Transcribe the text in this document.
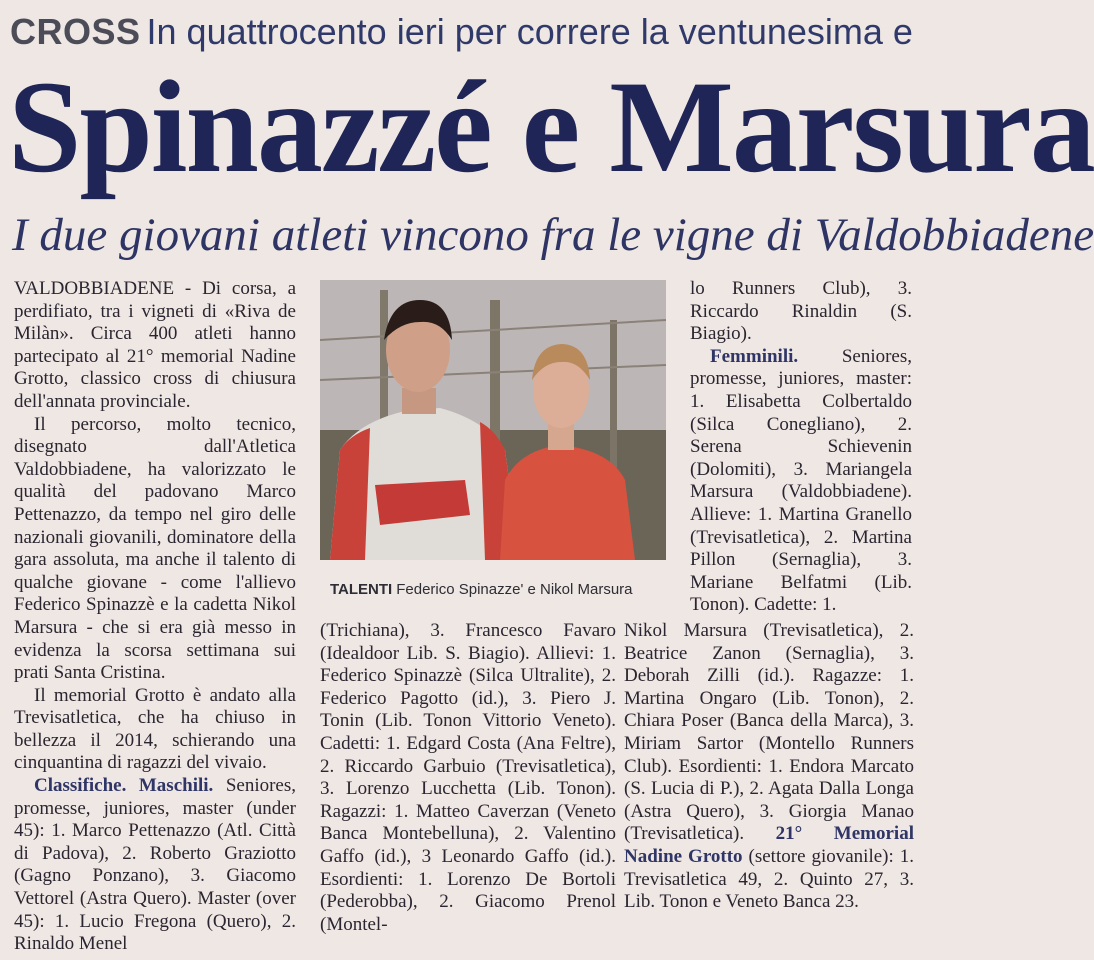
CROSS In quattrocento ieri per correre la ventunesima e
Spinazzé e Marsura
I due giovani atleti vincono fra le vigne di Valdobbiadene

VALDOBBIADENE - Di corsa, a perdifiato, tra i vigneti di «Riva de Milàn». Circa 400 atleti hanno partecipato al 21° memorial Nadine Grotto, classico cross di chiusura dell'annata provinciale.

Il percorso, molto tecnico, disegnato dall'Atletica Valdobbiadene, ha valorizzato le qualità del padovano Marco Pettenazzo, da tempo nel giro delle nazionali giovanili, dominatore della gara assoluta, ma anche il talento di qualche giovane - come l'allievo Federico Spinazzè e la cadetta Nikol Marsura - che si era già messo in evidenza la scorsa settimana sui prati Santa Cristina.

Il memorial Grotto è andato alla Trevisatletica, che ha chiuso in bellezza il 2014, schierando una cinquantina di ragazzi del vivaio.

Classifiche. Maschili. Seniores, promesse, juniores, master (under 45): 1. Marco Pettenazzo (Atl. Città di Padova), 2. Roberto Graziotto (Gagno Ponzano), 3. Giacomo Vettorel (Astra Quero). Master (over 45): 1. Lucio Fregona (Quero), 2. Rinaldo Menel

TALENTI Federico Spinazze' e Nikol Marsura

lo Runners Club), 3. Riccardo Rinaldin (S. Biagio).

Femminili. Seniores, promesse, juniores, master: 1. Elisabetta Colbertaldo (Silca Conegliano), 2. Serena Schievenin (Dolomiti), 3. Mariangela Marsura (Valdobbiadene). Allieve: 1. Martina Granello (Trevisatletica), 2. Martina Pillon (Sernaglia), 3. Mariane Belfatmi (Lib. Tonon). Cadette: 1.

(Trichiana), 3. Francesco Favaro (Idealdoor Lib. S. Biagio). Allievi: 1. Federico Spinazzè (Silca Ultralite), 2. Federico Pagotto (id.), 3. Piero J. Tonin (Lib. Tonon Vittorio Veneto). Cadetti: 1. Edgard Costa (Ana Feltre), 2. Riccardo Garbuio (Trevisatletica), 3. Lorenzo Lucchetta (Lib. Tonon). Ragazzi: 1. Matteo Caverzan (Veneto Banca Montebelluna), 2. Valentino Gaffo (id.), 3 Leonardo Gaffo (id.). Esordienti: 1. Lorenzo De Bortoli (Pederobba), 2. Giacomo Prenol (Montel-

Nikol Marsura (Trevisatletica), 2. Beatrice Zanon (Sernaglia), 3. Deborah Zilli (id.). Ragazze: 1. Martina Ongaro (Lib. Tonon), 2. Chiara Poser (Banca della Marca), 3. Miriam Sartor (Montello Runners Club). Esordienti: 1. Endora Marcato (S. Lucia di P.), 2. Agata Dalla Longa (Astra Quero), 3. Giorgia Manao (Trevisatletica). 21° Memorial Nadine Grotto (settore giovanile): 1. Trevisatletica 49, 2. Quinto 27, 3. Lib. Tonon e Veneto Banca 23.
